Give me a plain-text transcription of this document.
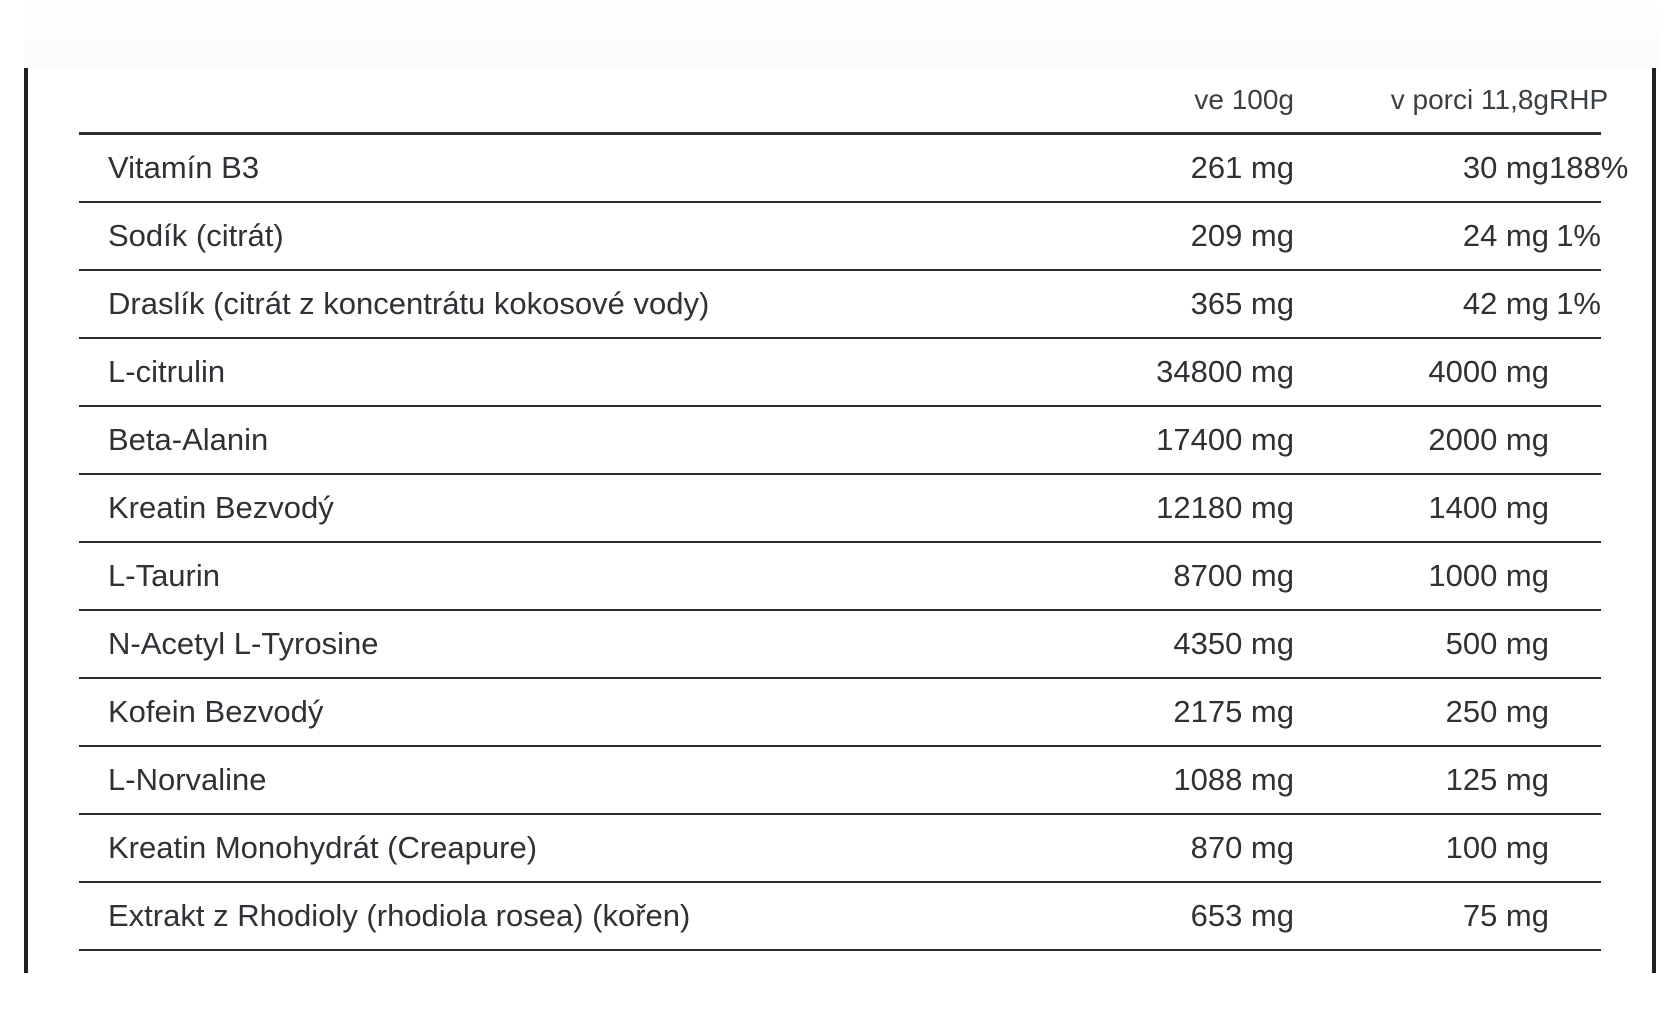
	ve 100g	v porci 11,8g	RHP
Vitamín B3	261 mg	30 mg	188%
Sodík (citrát)	209 mg	24 mg	1%
Draslík (citrát z koncentrátu kokosové vody)	365 mg	42 mg	1%
L-citrulin	34800 mg	4000 mg	
Beta-Alanin	17400 mg	2000 mg	
Kreatin Bezvodý	12180 mg	1400 mg	
L-Taurin	8700 mg	1000 mg	
N-Acetyl L-Tyrosine	4350 mg	500 mg	
Kofein Bezvodý	2175 mg	250 mg	
L-Norvaline	1088 mg	125 mg	
Kreatin Monohydrát (Creapure)	870 mg	100 mg	
Extrakt z Rhodioly (rhodiola rosea) (kořen)	653 mg	75 mg	
